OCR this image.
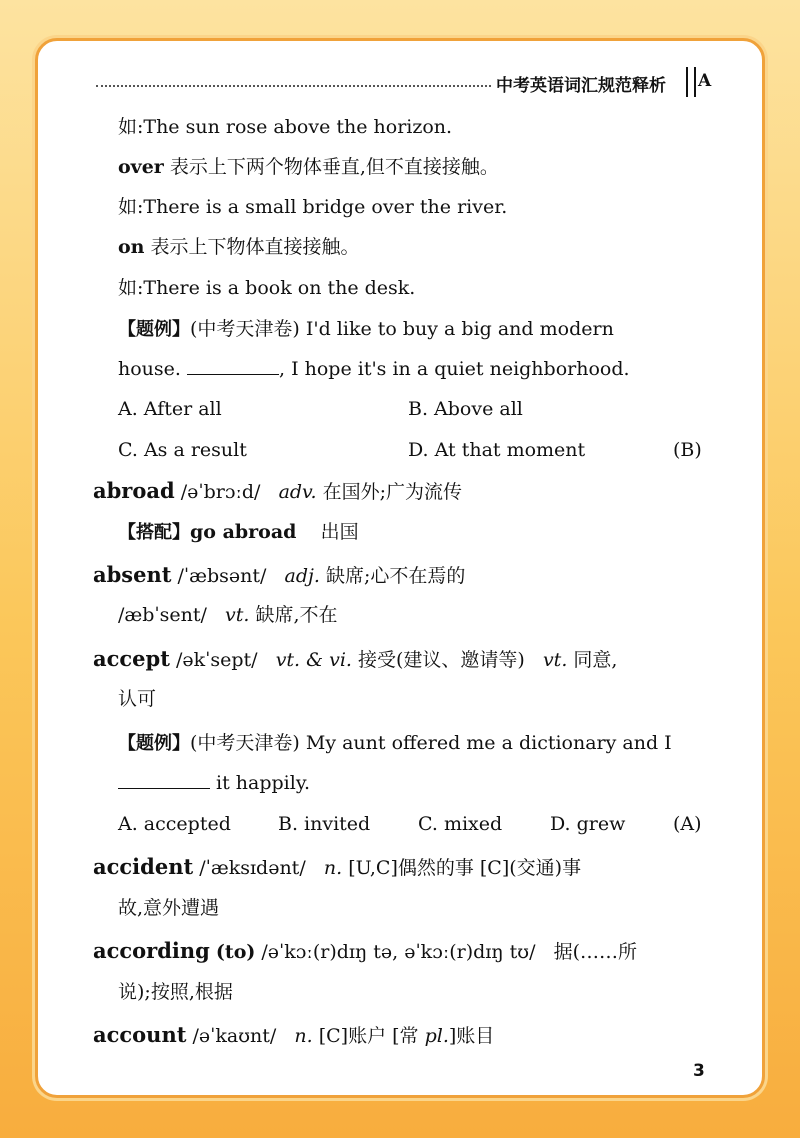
中考英语词汇规范释析 A
如:The sun rose above the horizon.
over 表示上下两个物体垂直,但不直接接触。
如:There is a small bridge over the river.
on 表示上下物体直接接触。
如:There is a book on the desk.
【题例】(中考天津卷) I'd like to buy a big and modern
house.	, I hope it's in a quiet neighborhood.
A. After all	B. Above all
C. As a result	D. At that moment	(B)
abroad /əˈbrɔːd/ adv. 在国外;广为流传
【搭配】go abroad 出国
absent /ˈæbsənt/ adj. 缺席;心不在焉的
/æbˈsent/ vt. 缺席,不在
accept /əkˈsept/ vt. & vi. 接受(建议、邀请等) vt. 同意,
认可
【题例】(中考天津卷) My aunt offered me a dictionary and I
it happily.
A. accepted B. invited	C. mixed	D. grew	(A)
accident /ˈæksɪdənt/ n. [U,C]偶然的事 [C](交通)事
故,意外遭遇
according (to) /əˈkɔː(r)dɪŋ tə, əˈkɔː(r)dɪŋ tʊ/   据(……所
说);按照,根据
account /əˈkaʊnt/ n. [C]账户 [常 pl.]账目
3
